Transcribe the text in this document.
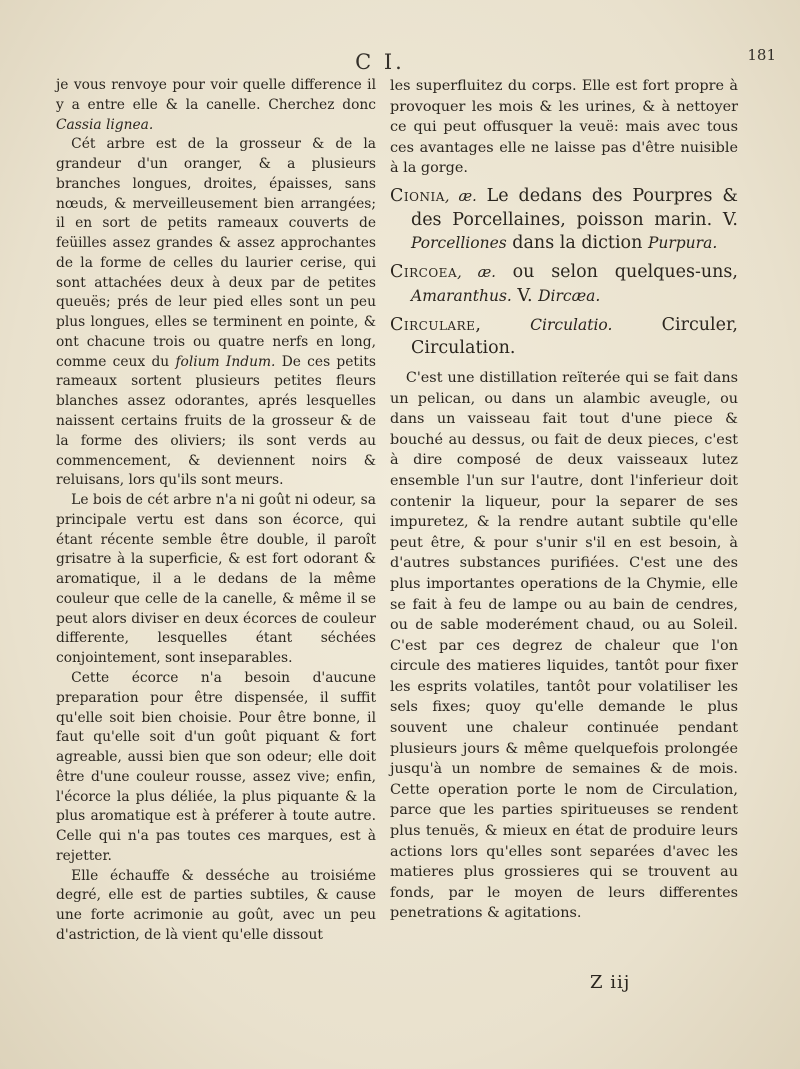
C I.	181

je vous renvoye pour voir quelle difference il y a entre elle & la canelle. Cherchez donc Cassia lignea.

Cét arbre est de la grosseur & de la grandeur d'un oranger, & a plusieurs branches longues, droites, épaisses, sans nœuds, & merveilleusement bien arrangées; il en sort de petits rameaux couverts de feüilles assez grandes & assez approchantes de la forme de celles du laurier cerise, qui sont attachées deux à deux par de petites queuës; prés de leur pied elles sont un peu plus longues, elles se terminent en pointe, & ont chacune trois ou quatre nerfs en long, comme ceux du folium Indum. De ces petits rameaux sortent plusieurs petites fleurs blanches assez odorantes, aprés lesquelles naissent certains fruits de la grosseur & de la forme des oliviers; ils sont verds au commencement, & deviennent noirs & reluisans, lors qu'ils sont meurs.

Le bois de cét arbre n'a ni goût ni odeur, sa principale vertu est dans son écorce, qui étant récente semble être double, il paroît grisatre à la superficie, & est fort odorant & aromatique, il a le dedans de la même couleur que celle de la canelle, & même il se peut alors diviser en deux écorces de couleur differente, lesquelles étant séchées conjointement, sont inseparables.

Cette écorce n'a besoin d'aucune preparation pour être dispensée, il suffit qu'elle soit bien choisie. Pour être bonne, il faut qu'elle soit d'un goût piquant & fort agreable, aussi bien que son odeur; elle doit être d'une couleur rousse, assez vive; enfin, l'écorce la plus déliée, la plus piquante & la plus aromatique est à préferer à toute autre. Celle qui n'a pas toutes ces marques, est à rejetter.

Elle échauffe & desséche au troisiéme degré, elle est de parties subtiles, & cause une forte acrimonie au goût, avec un peu d'astriction, de là vient qu'elle dissout

les superfluitez du corps. Elle est fort propre à provoquer les mois & les urines, & à nettoyer ce qui peut offusquer la veuë: mais avec tous ces avantages elle ne laisse pas d'être nuisible à la gorge.

Cionia, æ. Le dedans des Pourpres & des Porcellaines, poisson marin. V. Porcelliones dans la diction Purpura.

Circoea, æ. ou selon quelques-uns, Amaranthus. V. Dircæa.

Circulare, Circulatio. Circuler, Circulation.

C'est une distillation reïterée qui se fait dans un pelican, ou dans un alambic aveugle, ou dans un vaisseau fait tout d'une piece & bouché au dessus, ou fait de deux pieces, c'est à dire composé de deux vaisseaux lutez ensemble l'un sur l'autre, dont l'inferieur doit contenir la liqueur, pour la separer de ses impuretez, & la rendre autant subtile qu'elle peut être, & pour s'unir s'il en est besoin, à d'autres substances purifiées. C'est une des plus importantes operations de la Chymie, elle se fait à feu de lampe ou au bain de cendres, ou de sable moderément chaud, ou au Soleil. C'est par ces degrez de chaleur que l'on circule des matieres liquides, tantôt pour fixer les esprits volatiles, tantôt pour volatiliser les sels fixes; quoy qu'elle demande le plus souvent une chaleur continuée pendant plusieurs jours & même quelquefois prolongée jusqu'à un nombre de semaines & de mois. Cette operation porte le nom de Circulation, parce que les parties spiritueuses se rendent plus tenuës, & mieux en état de produire leurs actions lors qu'elles sont separées d'avec les matieres plus grossieres qui se trouvent au fonds, par le moyen de leurs differentes penetrations & agitations.

Z iij
